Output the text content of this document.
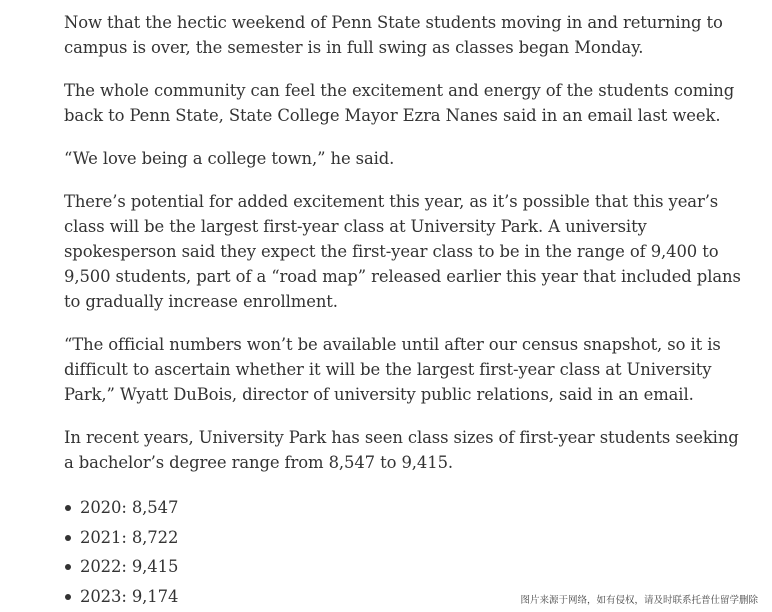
Now that the hectic weekend of Penn State students moving in and returning to campus is over, the semester is in full swing as classes began Monday.

The whole community can feel the excitement and energy of the students coming back to Penn State, State College Mayor Ezra Nanes said in an email last week.

“We love being a college town,” he said.

There’s potential for added excitement this year, as it’s possible that this year’s class will be the largest first-year class at University Park. A university spokesperson said they expect the first-year class to be in the range of 9,400 to 9,500 students, part of a “road map” released earlier this year that included plans to gradually increase enrollment.

“The official numbers won’t be available until after our census snapshot, so it is difficult to ascertain whether it will be the largest first-year class at University Park,” Wyatt DuBois, director of university public relations, said in an email.

In recent years, University Park has seen class sizes of first-year students seeking a bachelor’s degree range from 8,547 to 9,415.

2020: 8,547
2021: 8,722
2022: 9,415
2023: 9,174	图片来源于网络，如有侵权，请及时联系托普仕留学删除
